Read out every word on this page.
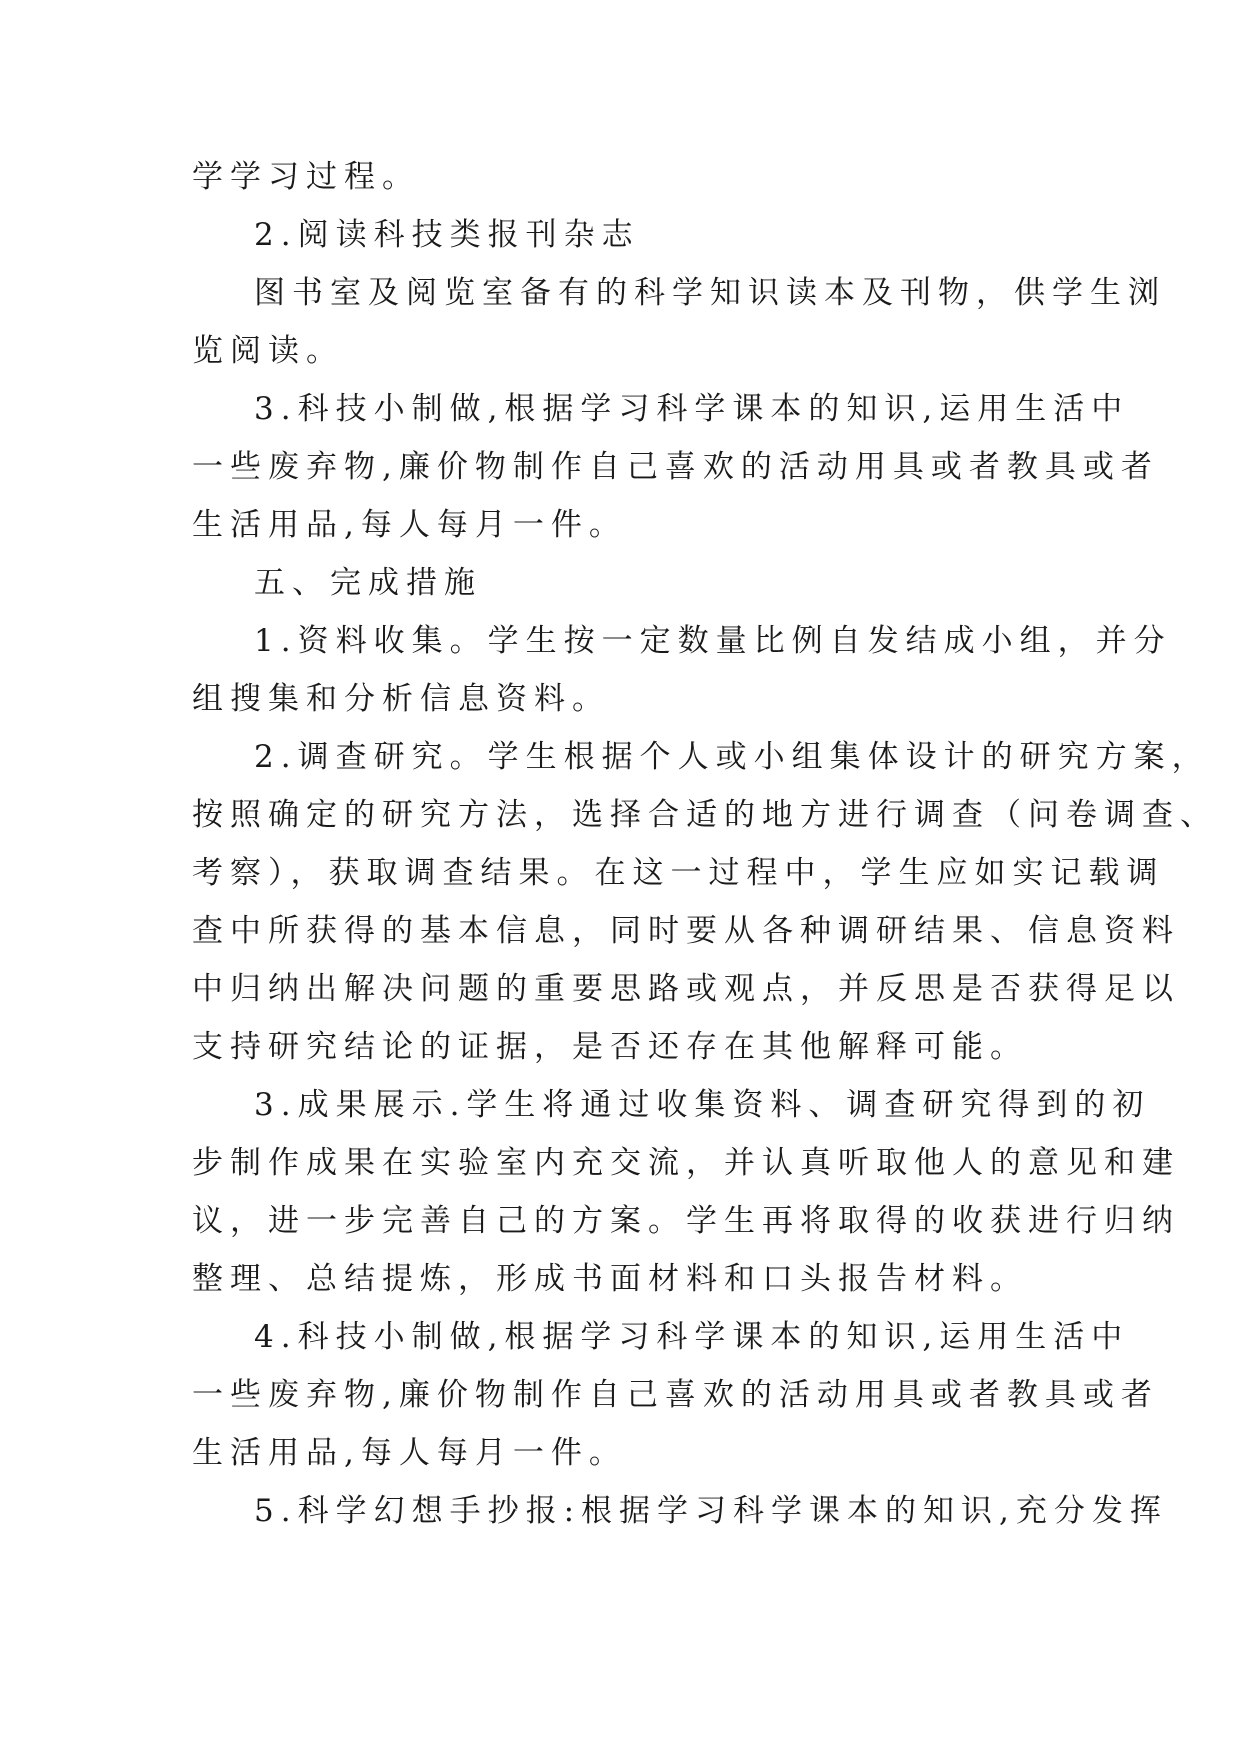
学学习过程。
2.阅读科技类报刊杂志
图书室及阅览室备有的科学知识读本及刊物，供学生浏
览阅读。
3.科技小制做,根据学习科学课本的知识,运用生活中
一些废弃物,廉价物制作自己喜欢的活动用具或者教具或者
生活用品,每人每月一件。
五、完成措施
1.资料收集。学生按一定数量比例自发结成小组，并分
组搜集和分析信息资料。
2.调查研究。学生根据个人或小组集体设计的研究方案，
按照确定的研究方法，选择合适的地方进行调查（问卷调查、
考察），获取调查结果。在这一过程中，学生应如实记载调
查中所获得的基本信息，同时要从各种调研结果、信息资料
中归纳出解决问题的重要思路或观点，并反思是否获得足以
支持研究结论的证据，是否还存在其他解释可能。
3.成果展示.学生将通过收集资料、调查研究得到的初
步制作成果在实验室内充交流，并认真听取他人的意见和建
议，进一步完善自己的方案。学生再将取得的收获进行归纳
整理、总结提炼，形成书面材料和口头报告材料。
4.科技小制做,根据学习科学课本的知识,运用生活中
一些废弃物,廉价物制作自己喜欢的活动用具或者教具或者
生活用品,每人每月一件。
5.科学幻想手抄报:根据学习科学课本的知识,充分发挥
